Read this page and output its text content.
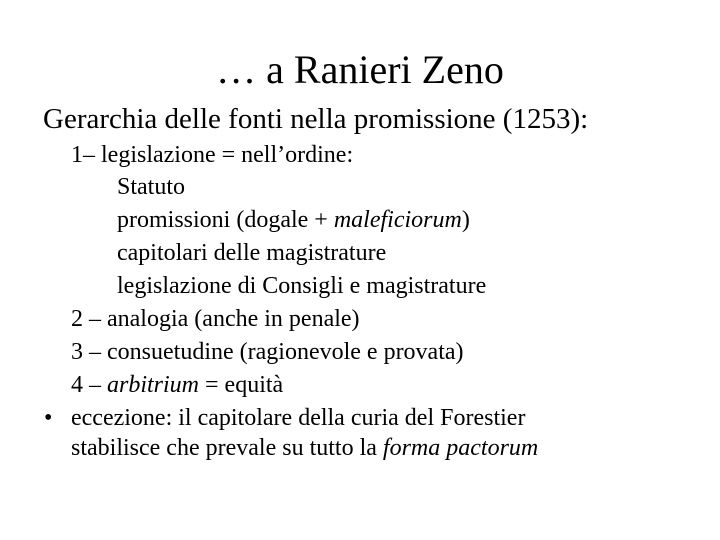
… a Ranieri Zeno
Gerarchia delle fonti nella promissione (1253):
1– legislazione = nell’ordine:
Statuto
promissioni (dogale + maleficiorum)
capitolari delle magistrature
legislazione di Consigli e magistrature
2 – analogia (anche in penale)
3 – consuetudine (ragionevole e provata)
4 – arbitrium = equità
• eccezione: il capitolare della curia del Forestier
stabilisce che prevale su tutto la forma pactorum
